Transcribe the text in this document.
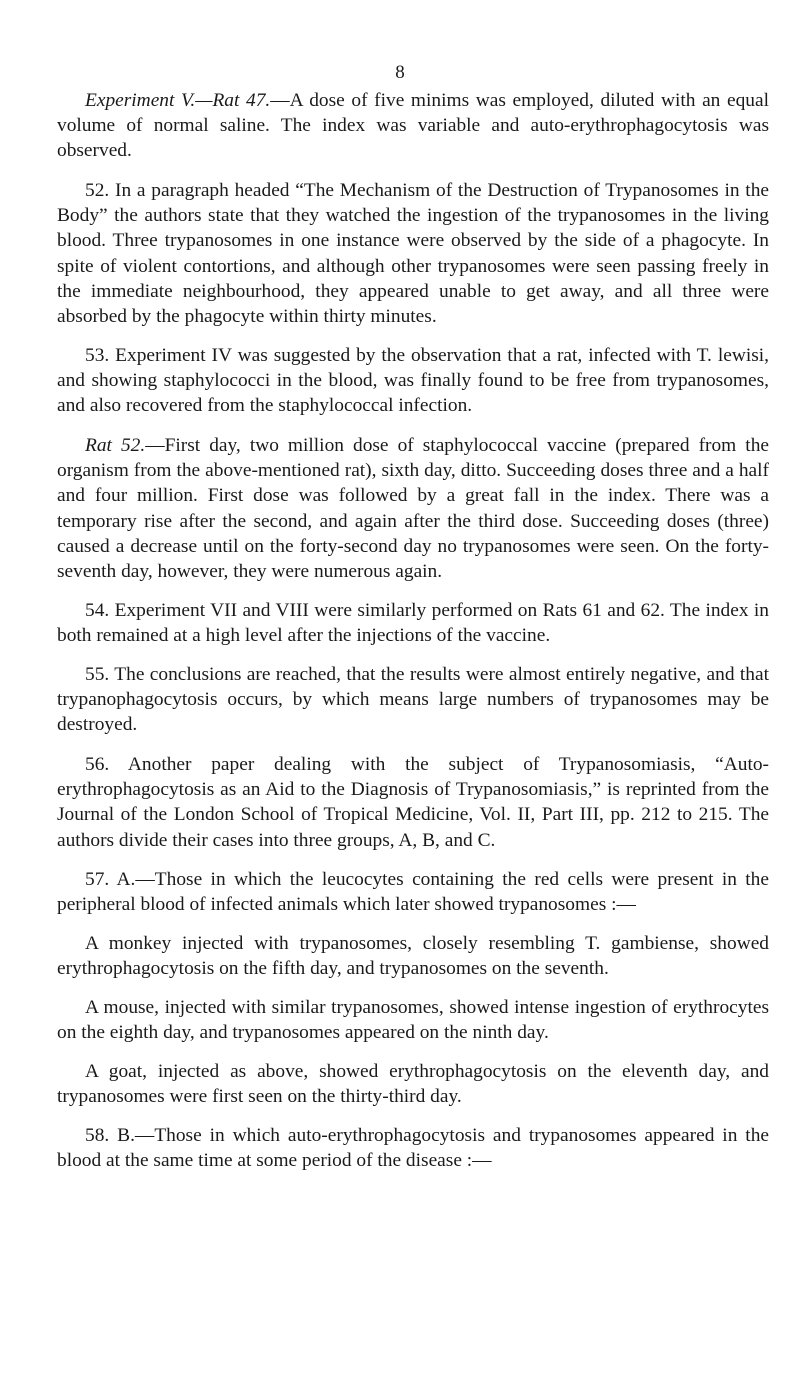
8

Experiment V.—Rat 47.—A dose of five minims was employed, diluted with an equal volume of normal saline. The index was variable and auto-erythrophagocytosis was observed.

52. In a paragraph headed “The Mechanism of the Destruction of Trypanosomes in the Body” the authors state that they watched the ingestion of the trypanosomes in the living blood. Three trypanosomes in one instance were observed by the side of a phagocyte. In spite of violent contortions, and although other trypanosomes were seen passing freely in the immediate neighbourhood, they appeared unable to get away, and all three were absorbed by the phagocyte within thirty minutes.

53. Experiment IV was suggested by the observation that a rat, infected with T. lewisi, and showing staphylococci in the blood, was finally found to be free from trypanosomes, and also recovered from the staphylococcal infection.

Rat 52.—First day, two million dose of staphylococcal vaccine (prepared from the organism from the above-mentioned rat), sixth day, ditto. Succeeding doses three and a half and four million. First dose was followed by a great fall in the index. There was a temporary rise after the second, and again after the third dose. Succeeding doses (three) caused a decrease until on the forty-second day no trypanosomes were seen. On the forty-seventh day, however, they were numerous again.

54. Experiment VII and VIII were similarly performed on Rats 61 and 62. The index in both remained at a high level after the injections of the vaccine.

55. The conclusions are reached, that the results were almost entirely negative, and that trypanophagocytosis occurs, by which means large numbers of trypanosomes may be destroyed.

56. Another paper dealing with the subject of Trypanosomiasis, “Auto-erythrophagocytosis as an Aid to the Diagnosis of Trypanosomiasis,” is reprinted from the Journal of the London School of Tropical Medicine, Vol. II, Part III, pp. 212 to 215. The authors divide their cases into three groups, A, B, and C.

57. A.—Those in which the leucocytes containing the red cells were present in the peripheral blood of infected animals which later showed trypanosomes :—

A monkey injected with trypanosomes, closely resembling T. gambiense, showed erythrophagocytosis on the fifth day, and trypanosomes on the seventh.

A mouse, injected with similar trypanosomes, showed intense ingestion of erythrocytes on the eighth day, and trypanosomes appeared on the ninth day.

A goat, injected as above, showed erythrophagocytosis on the eleventh day, and trypanosomes were first seen on the thirty-third day.

58. B.—Those in which auto-erythrophagocytosis and trypanosomes appeared in the blood at the same time at some period of the disease :—
